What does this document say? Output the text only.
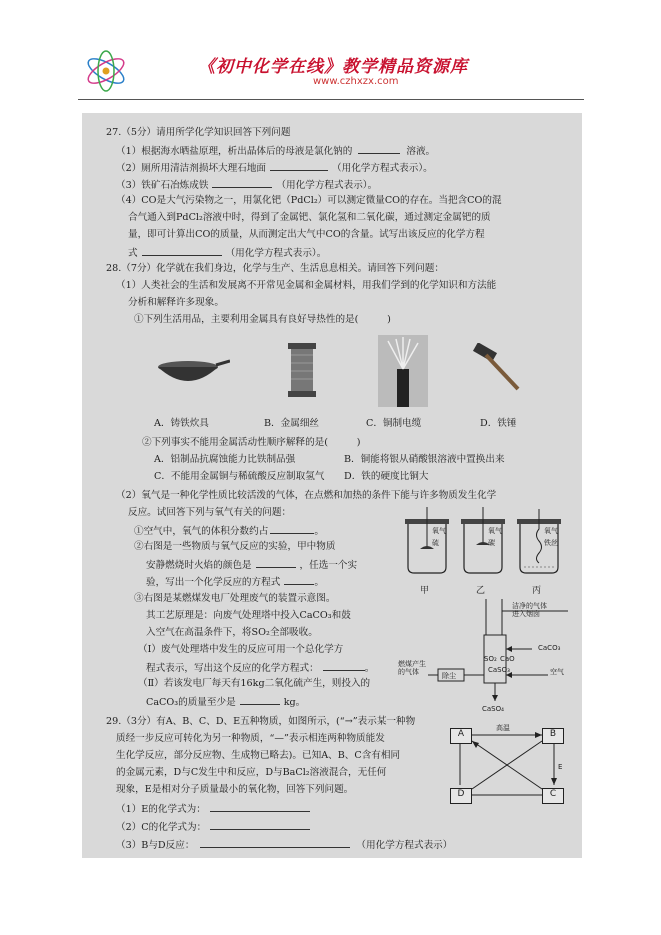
《初中化学在线》教学精品资源库
www.czhxzx.com
27.（5分）请用所学化学知识回答下列问题
（1）根据海水晒盐原理，析出晶体后的母液是氯化钠的	溶液。
（2）厕所用清洁剂损坏大理石地面	（用化学方程式表示）。
（3）铁矿石冶炼成铁	（用化学方程式表示）。
（4）CO是大气污染物之一，用氯化钯（PdCl₂）可以测定微量CO的存在。当把含CO的混
合气通入到PdCl₂溶液中时，得到了金属钯、氯化氢和二氧化碳，通过测定金属钯的质
量，即可计算出CO的质量，从而测定出大气中CO的含量。试写出该反应的化学方程
式	（用化学方程式表示）。
28.（7分）化学就在我们身边，化学与生产、生活息息相关。请回答下列问题：
（1）人类社会的生活和发展离不开常见金属和金属材料，用我们学到的化学知识和方法能
分析和解释许多现象。
①下列生活用品，主要利用金属具有良好导热性的是(　　　)
A．铸铁炊具	B．金属细丝	C．铜制电缆	D．铁锤
②下列事实不能用金属活动性顺序解释的是(　　　)
A．铝制品抗腐蚀能力比铁制品强	B．铜能将银从硝酸银溶液中置换出来
C．不能用金属铜与稀硫酸反应制取氢气 D．铁的硬度比铜大
（2）氧气是一种化学性质比较活泼的气体，在点燃和加热的条件下能与许多物质发生化学
反应。试回答下列与氧气有关的问题：
①空气中，氧气的体积分数约占	。
②右图是一些物质与氧气反应的实验，甲中物质
安静燃烧时火焰的颜色是	，任选一个实
验，写出一个化学反应的方程式	。
③右图是某燃煤发电厂处理废气的装置示意图。
其工艺原理是：向废气处理塔中投入CaCO₃和鼓
入空气在高温条件下，将SO₂全部吸收。
（Ⅰ）废气处理塔中发生的反应可用一个总化学方
程式表示，写出这个反应的化学方程式：	。
（Ⅱ）若该发电厂每天有16kg二氧化硫产生，则投入的
CaCO₃的质量至少是	kg。
氧气
硫
氧气
碳
氧气
铁丝
甲	乙	丙
洁净的气体
进入烟囱
CaCO₃
SO₂ CaO
CaSO₃
燃煤产生
的气体	除尘	空气
CaSO₄
29.（3分）有A、B、C、D、E五种物质，如图所示，(“→”表示某一种物
质经一步反应可转化为另一种物质，“—”表示相连两种物质能发
生化学反应，部分反应物、生成物已略去)。已知A、B、C含有相同
的金属元素，D与C发生中和反应，D与BaCl₂溶液混合，无任何
现象，E是相对分子质量最小的氧化物，回答下列问题。
（1）E的化学式为：
（2）C的化学式为：
（3）B与D反应：	（用化学方程式表示）
A	B
C
D
E
高温
